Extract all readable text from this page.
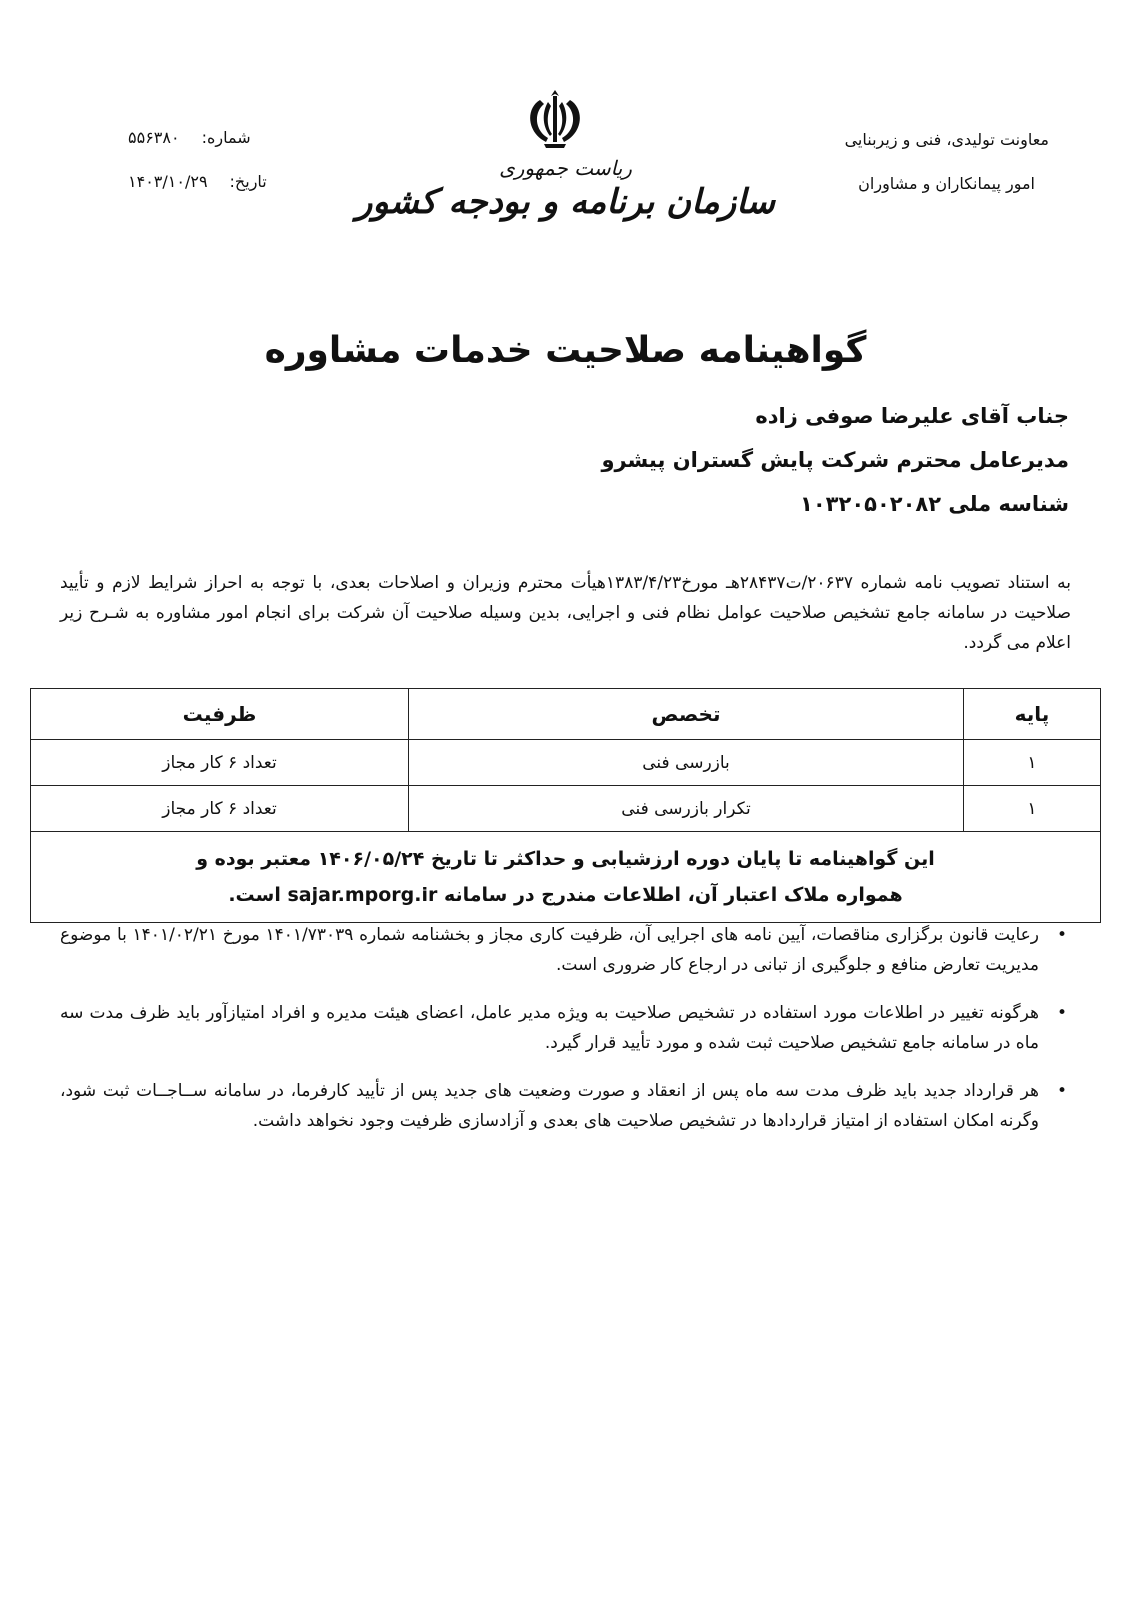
معاونت تولیدی، فنی و زیربنایی
امور پیمانکاران و مشاوران
شماره:
۵۵۶۳۸۰
تاریخ:
۱۴۰۳/۱۰/۲۹
ریاست جمهوری
سازمان برنامه و بودجه کشور
گواهینامه صلاحیت خدمات مشاوره
جناب آقای علیرضا صوفی زاده
مدیرعامل محترم شرکت پایش گستران پیشرو
شناسه ملی ۱۰۳۲۰۵۰۲۰۸۲
به استناد تصویب نامه شماره ۲۰۶۳۷/ت۲۸۴۳۷هـ مورخ۱۳۸۳/۴/۲۳هیأت محترم وزیران و اصلاحات بعدی، با توجه به احراز شرایط لازم و تأیید صلاحیت در سامانه جامع تشخیص صلاحیت عوامل نظام فنی و اجرایی، بدین وسیله صلاحیت آن شرکت برای انجام امور مشاوره به شـرح زیر اعلام می گردد.
پایه	تخصص	ظرفیت
۱	بازرسی فنی	تعداد ۶ کار مجاز
۱	تکرار بازرسی فنی	تعداد ۶ کار مجاز

این گواهینامه تا پایان دوره ارزشیابی و حداکثر تا تاریخ ۱۴۰۶/۰۵/۲۴ معتبر بوده و
همواره ملاک اعتبار آن، اطلاعات مندرج در سامانه sajar.mporg.ir است.		
•
رعایت قانون برگزاری مناقصات، آیین نامه های اجرایی آن، ظرفیت کاری مجاز و بخشنامه شماره ۱۴۰۱/۷۳۰۳۹ مورخ ۱۴۰۱/۰۲/۲۱ با موضوع مدیریت تعارض منافع و جلوگیری از تبانی در ارجاع کار ضروری است.
•
هرگونه تغییر در اطلاعات مورد استفاده در تشخیص صلاحیت به ویژه مدیر عامل، اعضای هیئت مدیره و افراد امتیازآور باید ظرف مدت سه ماه در سامانه جامع تشخیص صلاحیت ثبت شده و مورد تأیید قرار گیرد.
•
هر قرارداد جدید باید ظرف مدت سه ماه پس از انعقاد و صورت وضعیت های جدید پس از تأیید کارفرما، در سامانه ســاجــات ثبت شود، وگرنه امکان استفاده از امتیاز قراردادها در تشخیص صلاحیت های بعدی و آزادسازی ظرفیت وجود نخواهد داشت.
